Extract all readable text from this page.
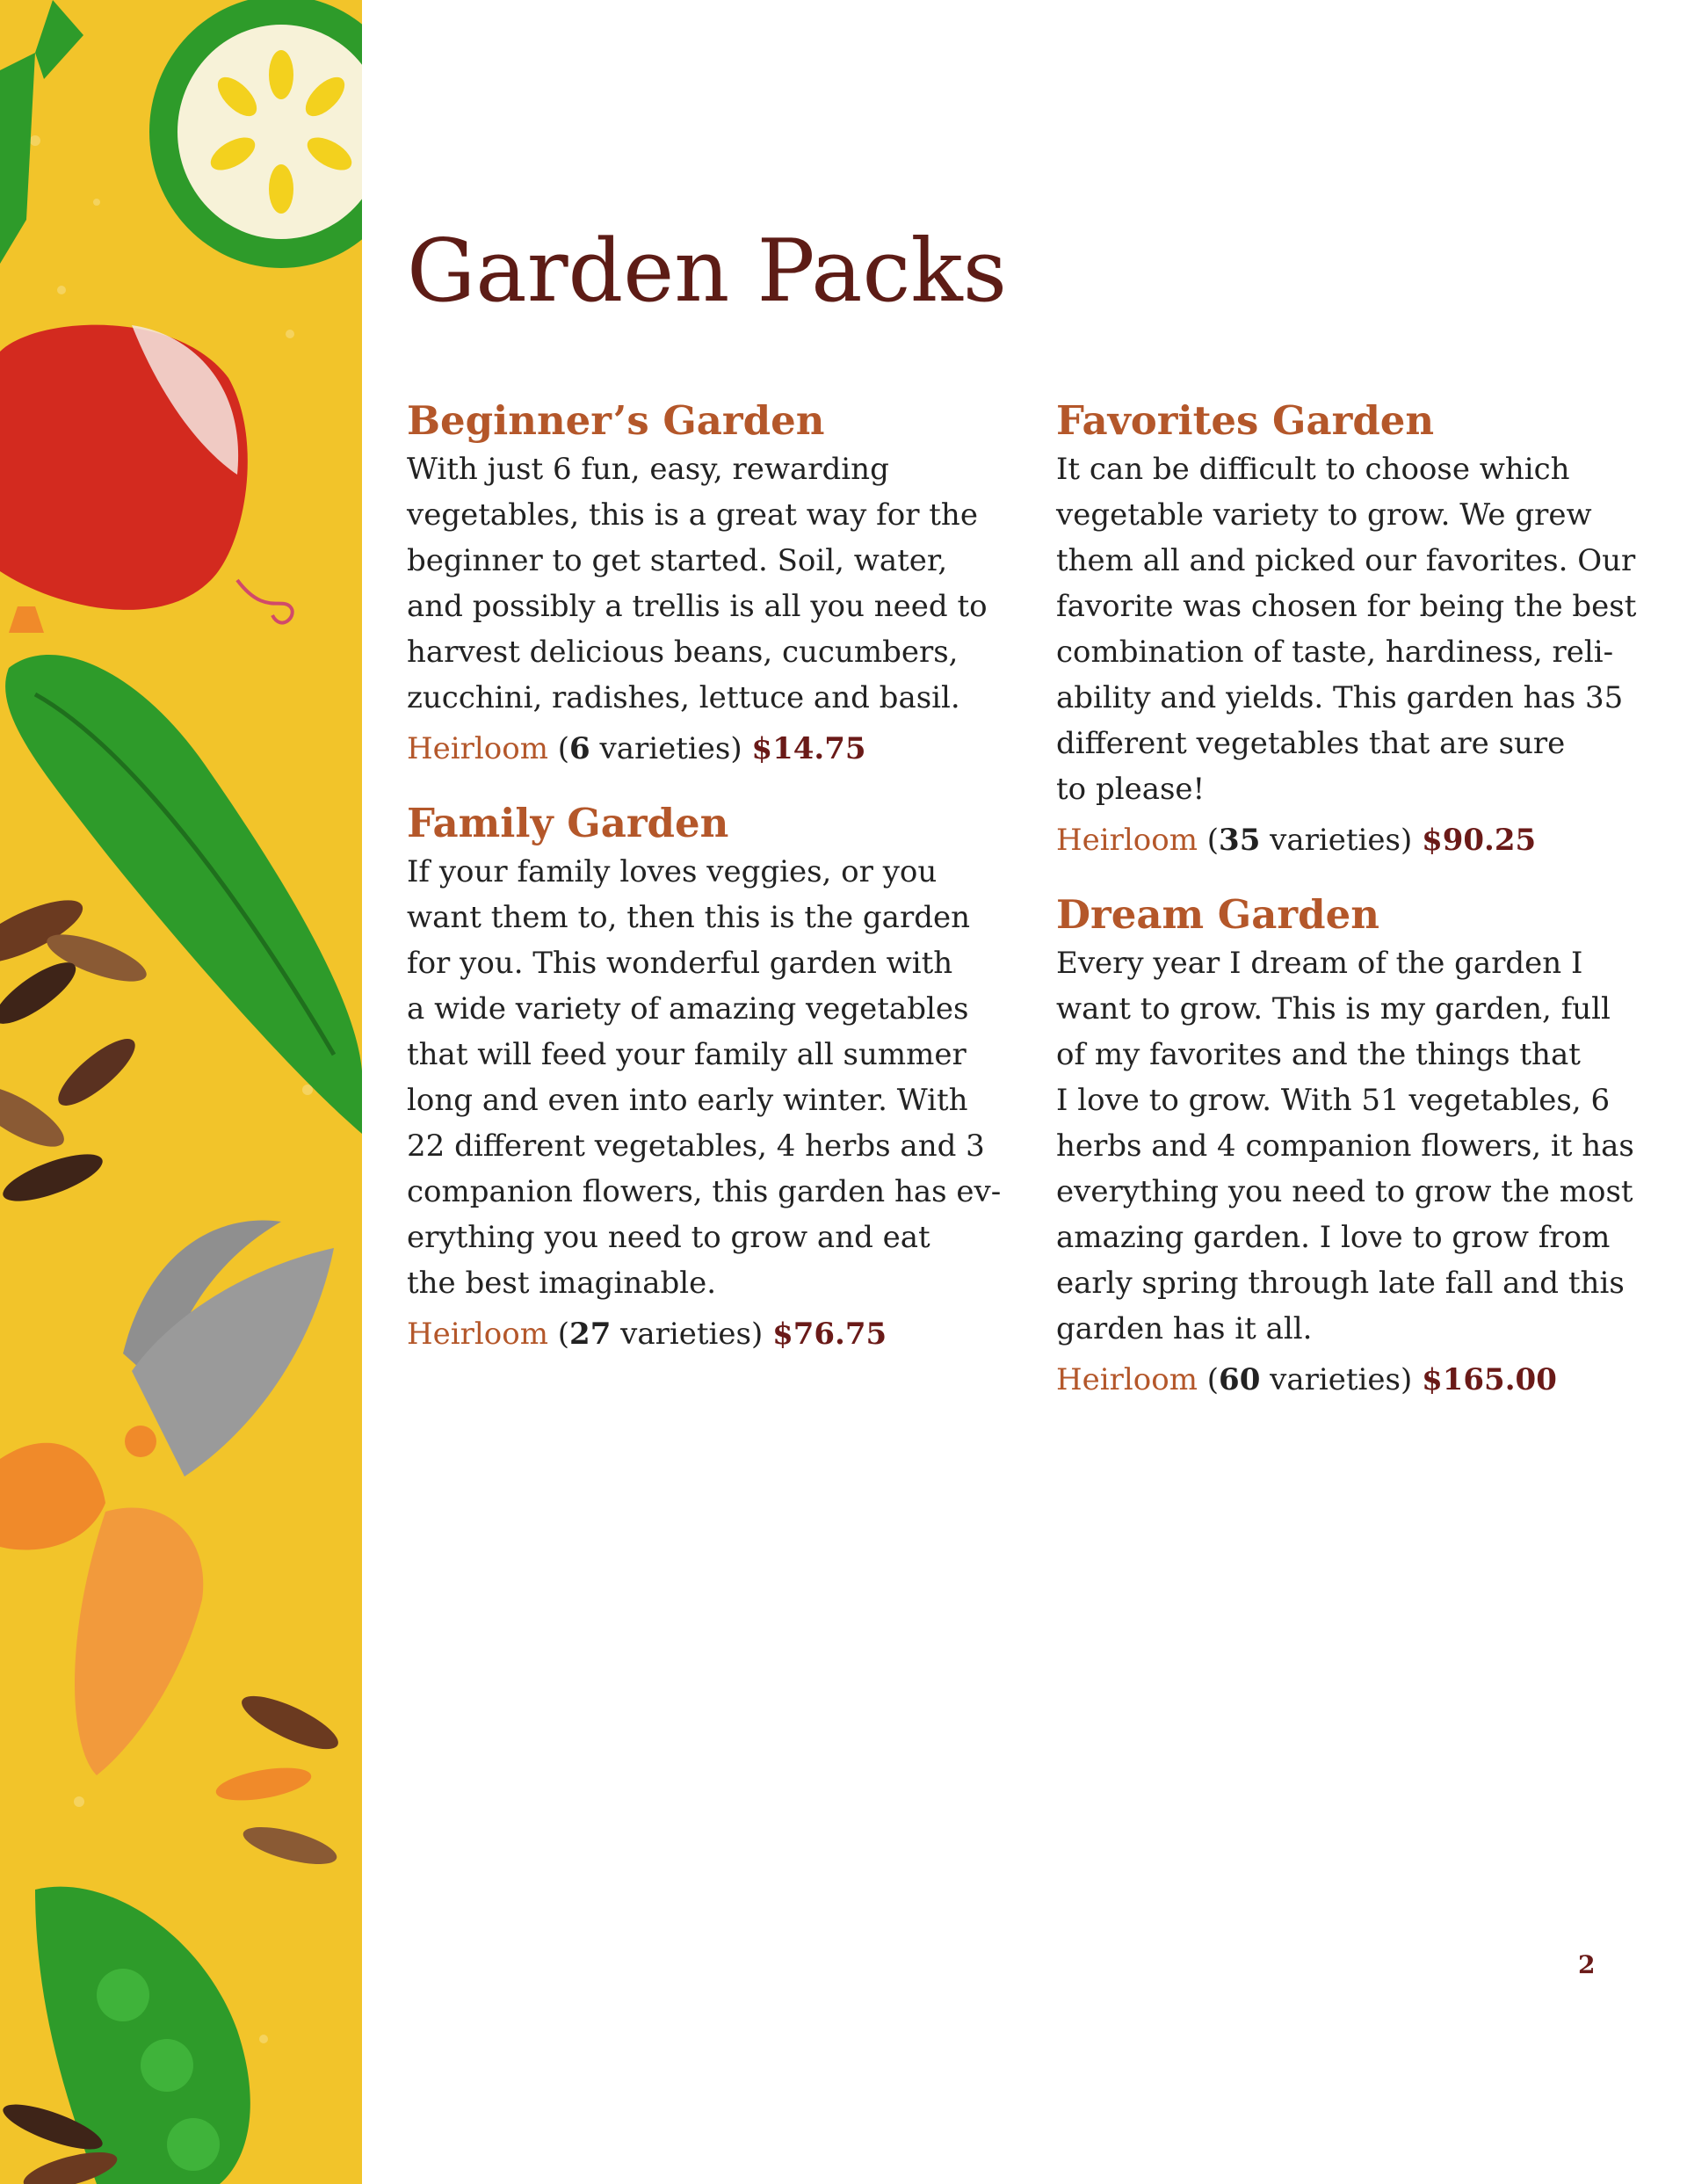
Garden Packs
Beginner’s Garden

With just 6 fun, easy, rewarding
vegetables, this is a great way for the
beginner to get started. Soil, water,
and possibly a trellis is all you need to
harvest delicious beans, cucumbers,
zucchini, radishes, lettuce and basil.

Heirloom (6 varieties) $14.75

Family Garden

If your family loves veggies, or you
want them to, then this is the garden
for you. This wonderful garden with
a wide variety of amazing vegetables
that will feed your family all summer
long and even into early winter. With
22 different vegetables, 4 herbs and 3
companion flowers, this garden has ev-
erything you need to grow and eat
the best imaginable.

Heirloom (27 varieties) $76.75

Favorites Garden

It can be difficult to choose which
vegetable variety to grow. We grew
them all and picked our favorites. Our
favorite was chosen for being the best
combination of taste, hardiness, reli-
ability and yields. This garden has 35
different vegetables that are sure
to please!

Heirloom (35 varieties) $90.25

Dream Garden

Every year I dream of the garden I
want to grow. This is my garden, full
of my favorites and the things that
I love to grow. With 51 vegetables, 6
herbs and 4 companion flowers, it has
everything you need to grow the most
amazing garden. I love to grow from
early spring through late fall and this
garden has it all.

Heirloom (60 varieties) $165.00

2
